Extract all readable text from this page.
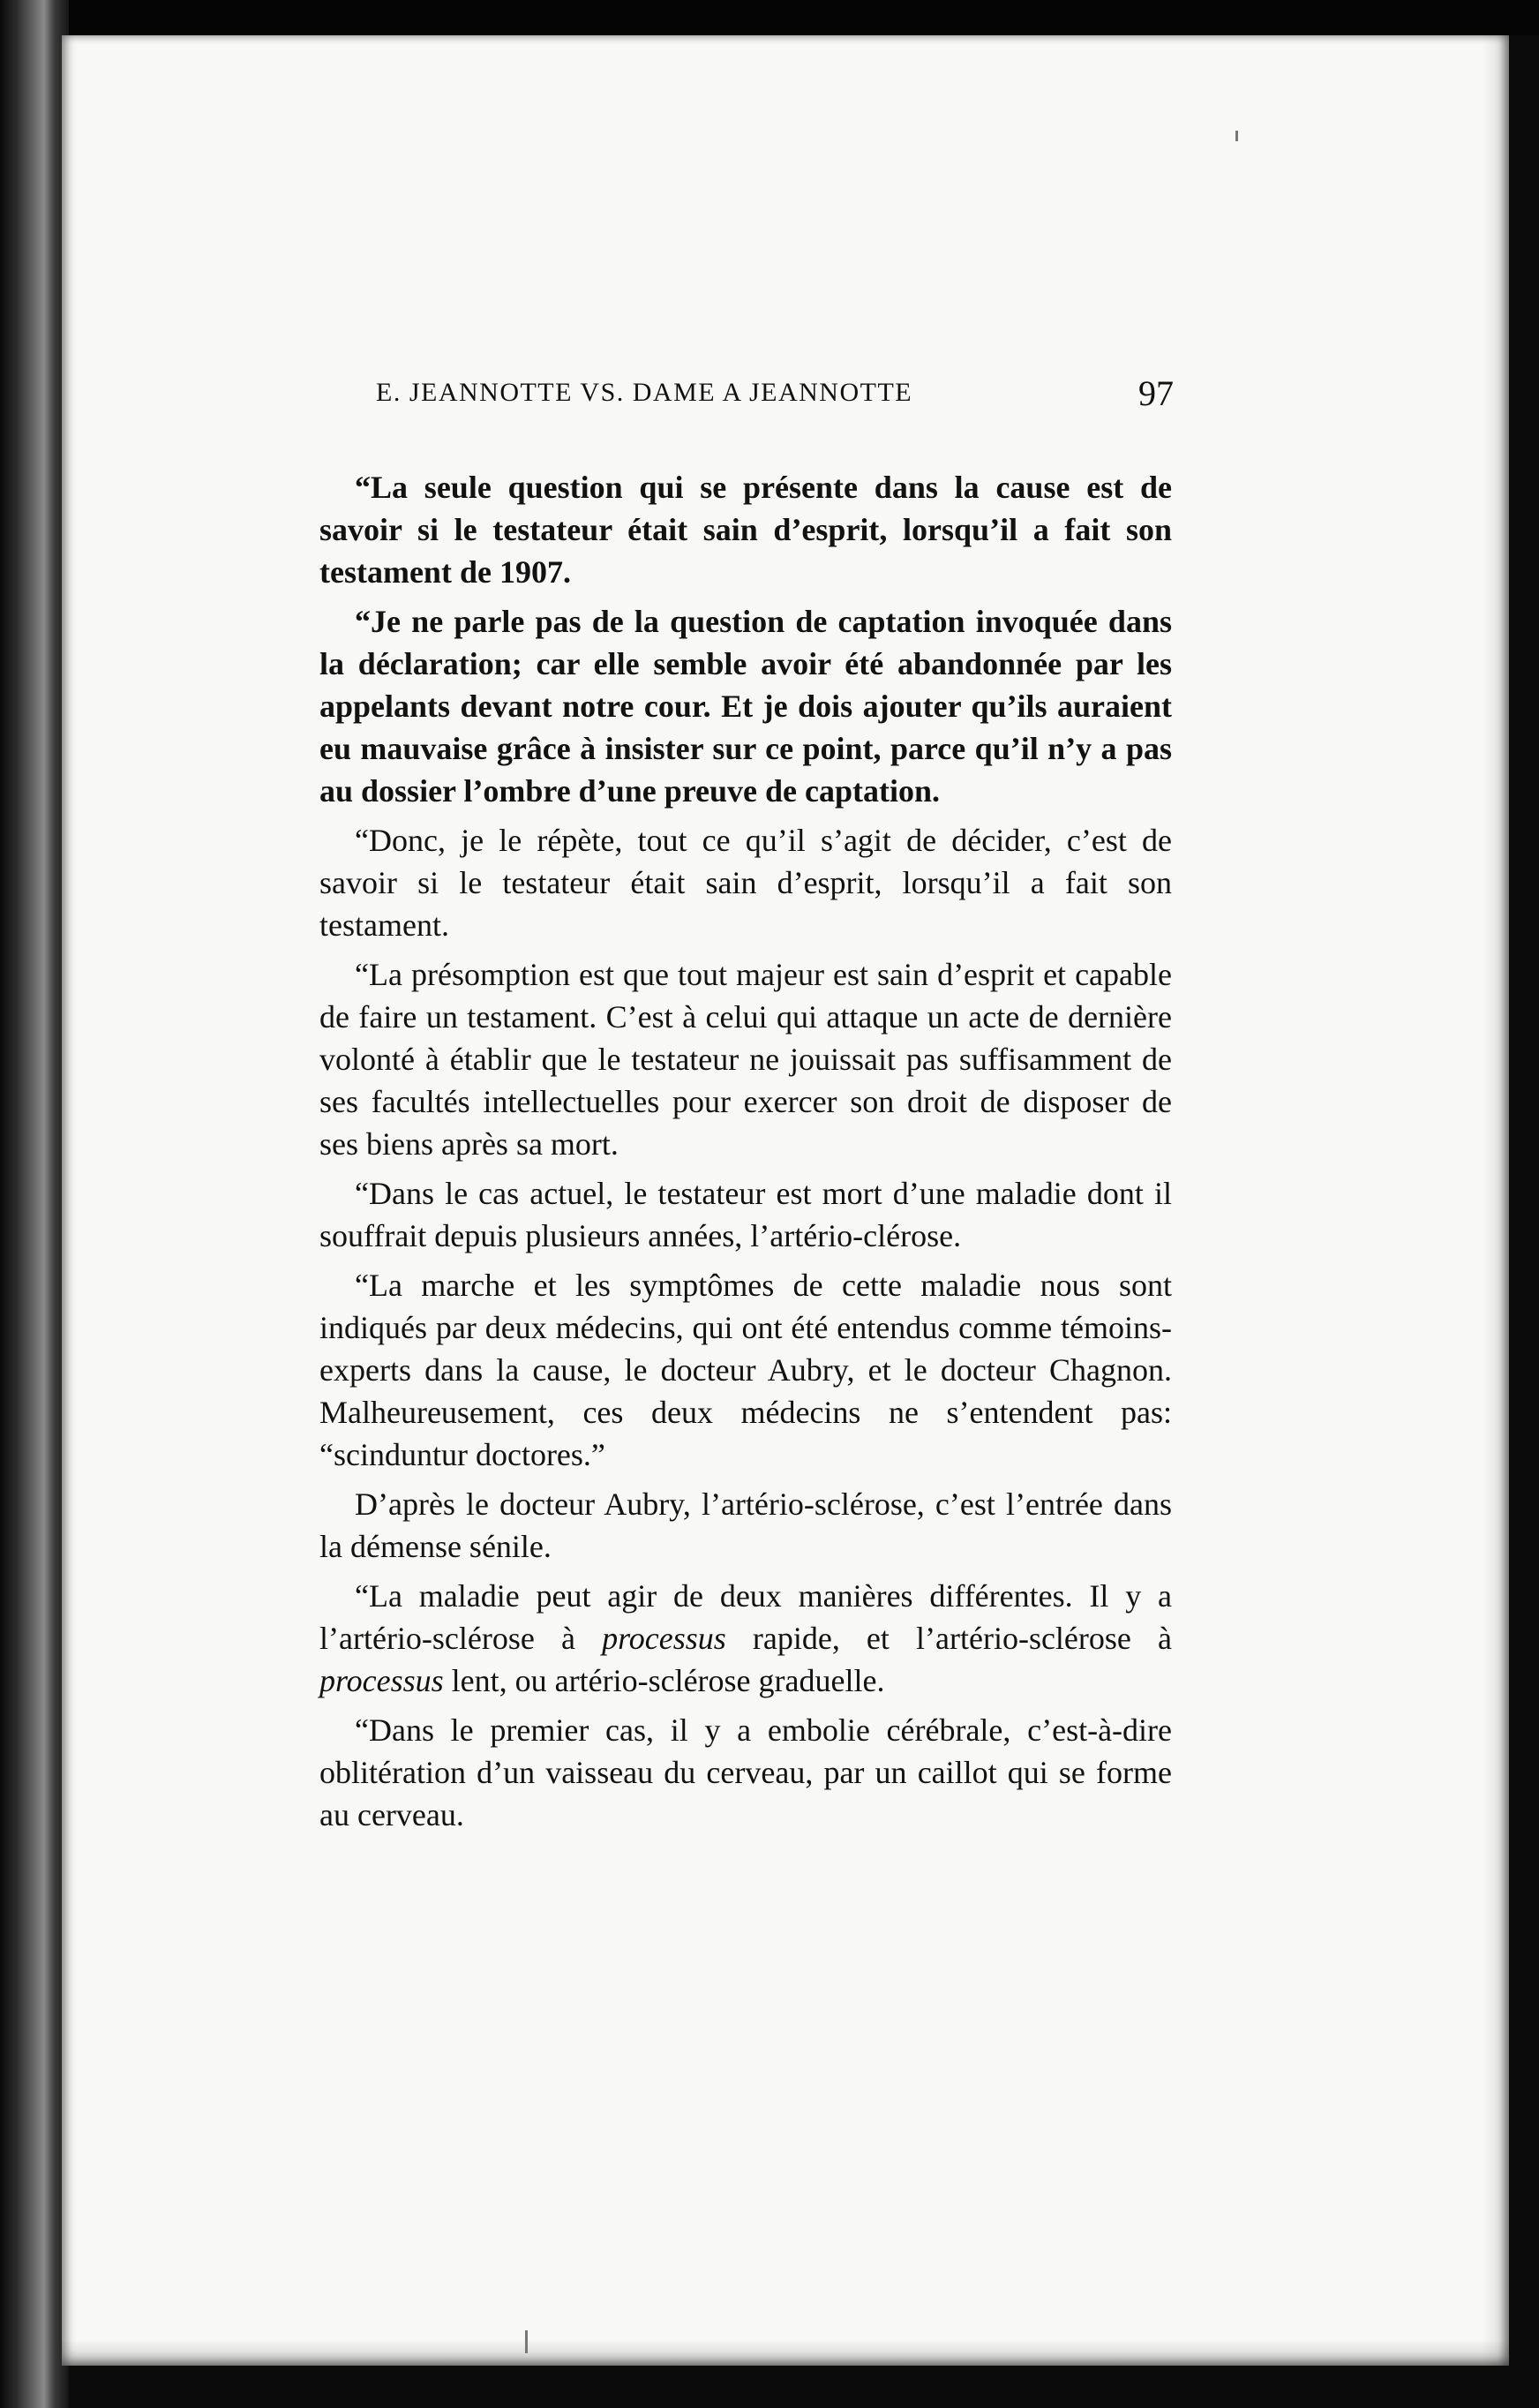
E. JEANNOTTE VS. DAME A JEANNOTTE	97

“La seule question qui se présente dans la cause est de savoir si le testateur était sain d’esprit, lorsqu’il a fait son testament de 1907.

“Je ne parle pas de la question de captation invoquée dans la déclaration; car elle semble avoir été abandonnée par les appelants devant notre cour. Et je dois ajouter qu’ils auraient eu mauvaise grâce à insister sur ce point, parce qu’il n’y a pas au dossier l’ombre d’une preuve de captation.

“Donc, je le répète, tout ce qu’il s’agit de décider, c’est de savoir si le testateur était sain d’esprit, lorsqu’il a fait son testament.

“La présomption est que tout majeur est sain d’esprit et capable de faire un testament. C’est à celui qui attaque un acte de dernière volonté à établir que le testateur ne jouissait pas suffisamment de ses facultés intellectuelles pour exercer son droit de disposer de ses biens après sa mort.

“Dans le cas actuel, le testateur est mort d’une maladie dont il souffrait depuis plusieurs années, l’artério-clérose.

“La marche et les symptômes de cette maladie nous sont indiqués par deux médecins, qui ont été entendus comme témoins-experts dans la cause, le docteur Aubry, et le docteur Chagnon. Malheureusement, ces deux médecins ne s’entendent pas: “scinduntur doctores.”

D’après le docteur Aubry, l’artério-sclérose, c’est l’entrée dans la démense sénile.

“La maladie peut agir de deux manières différentes. Il y a l’artério-sclérose à processus rapide, et l’artério-sclérose à processus lent, ou artério-sclérose graduelle.

“Dans le premier cas, il y a embolie cérébrale, c’est-à-dire oblitération d’un vaisseau du cerveau, par un caillot qui se forme au cerveau.
